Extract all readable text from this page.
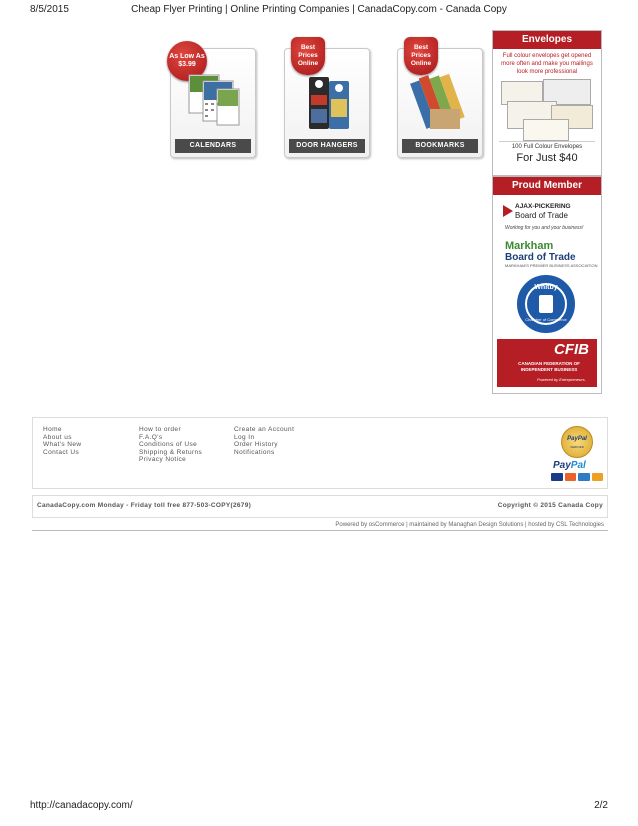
8/5/2015	Cheap Flyer Printing | Online Printing Companies | CanadaCopy.com - Canada Copy
As Low As $3.99
CALENDARS
Best Prices Online
DOOR HANGERS
Best Prices Online
BOOKMARKS
Envelopes
Full colour envelopes get opened more often and make you mailings look more professional
100 Full Colour Envelopes
For Just $40
Proud Member
AJAX-PICKERING
Board of Trade
Working for you and your business!
Markham
Board of Trade
MARKHAM'S PREMIER BUSINESS ASSOCIATION
Whitby
Chamber of Commerce
CFIB
CANADIAN FEDERATION OF INDEPENDENT BUSINESS
Powered by Entrepreneurs.
Home
About us
What's New
Contact Us
How to order
F.A.Q's
Conditions of Use
Shipping & Returns
Privacy Notice
Create an Account
Log In
Order History
Notifications
PayPal
VERIFIED
PayPal
CanadaCopy.com Monday - Friday toll free 877-503-COPY(2679)	Copyright © 2015 Canada Copy
Powered by osCommerce | maintained by Managhan Design Solutions | hosted by CSL Technologies
http://canadacopy.com/	2/2
